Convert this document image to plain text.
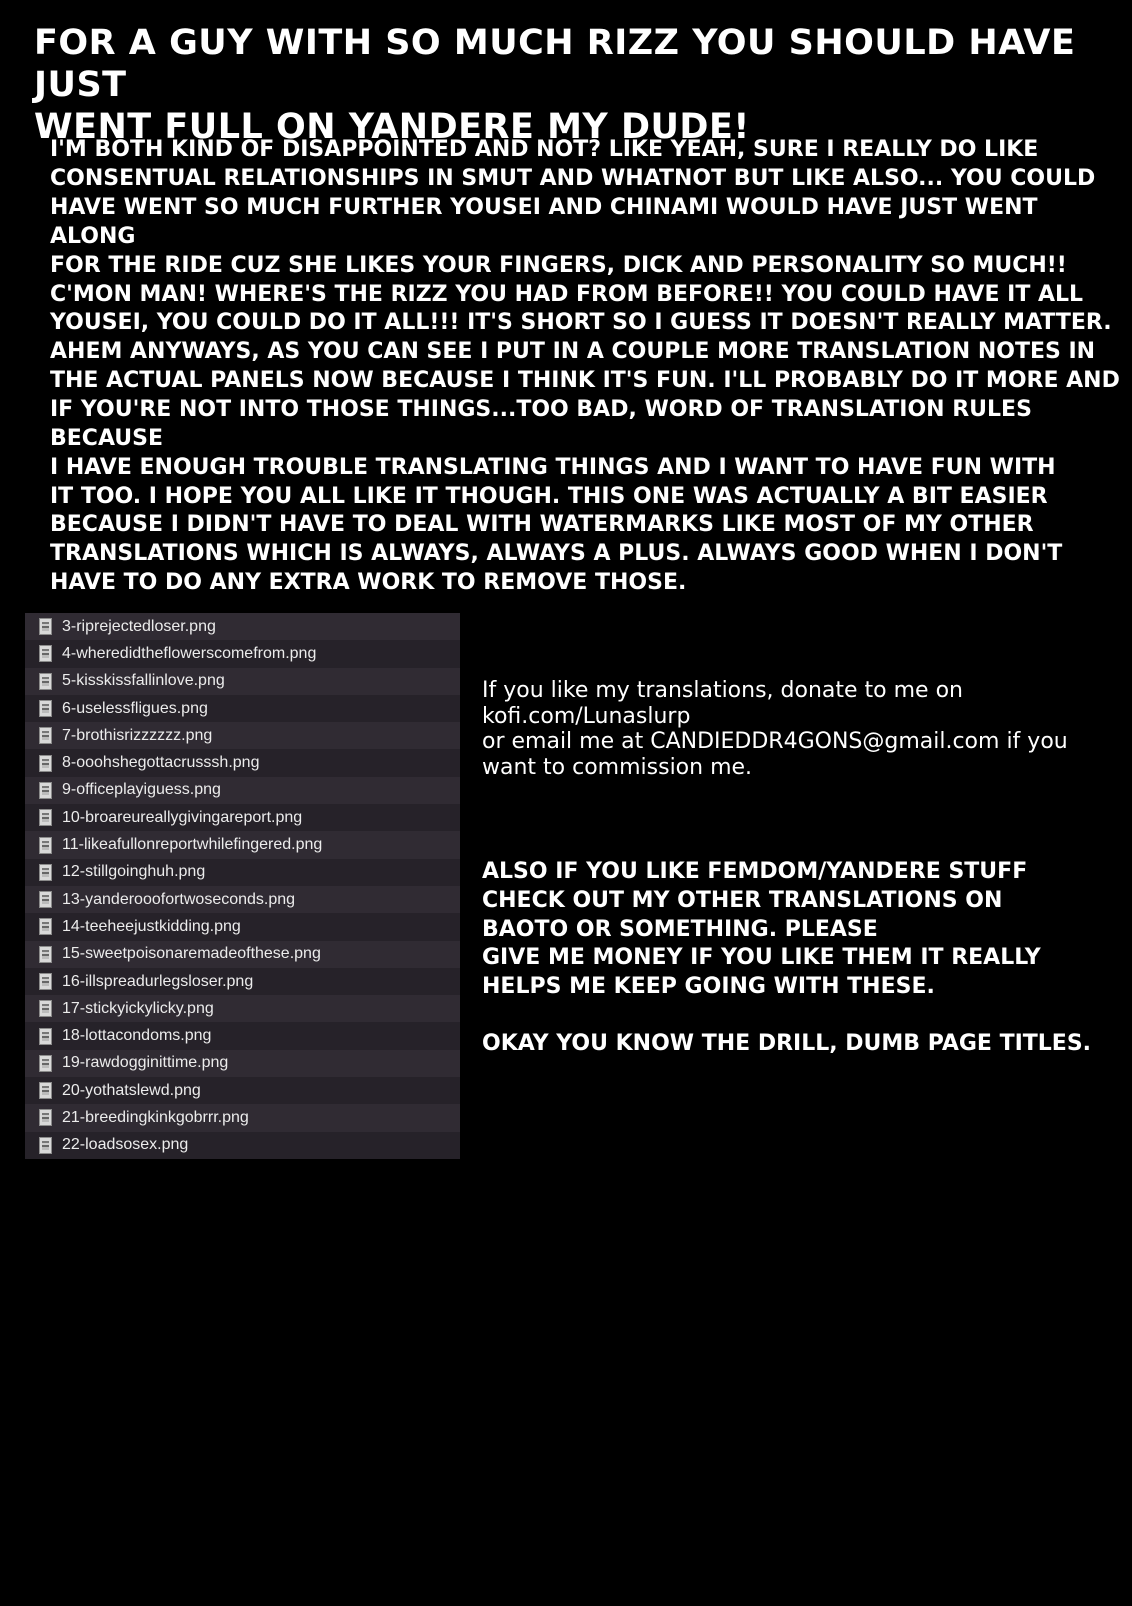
FOR A GUY WITH SO MUCH RIZZ YOU SHOULD HAVE JUST
WENT FULL ON YANDERE MY DUDE!

I'M BOTH KIND OF DISAPPOINTED AND NOT? LIKE YEAH, SURE I REALLY DO LIKE
CONSENTUAL RELATIONSHIPS IN SMUT AND WHATNOT BUT LIKE ALSO... YOU COULD
HAVE WENT SO MUCH FURTHER YOUSEI AND CHINAMI WOULD HAVE JUST WENT ALONG
FOR THE RIDE CUZ SHE LIKES YOUR FINGERS, DICK AND PERSONALITY SO MUCH!!
C'MON MAN! WHERE'S THE RIZZ YOU HAD FROM BEFORE!! YOU COULD HAVE IT ALL
YOUSEI, YOU COULD DO IT ALL!!! IT'S SHORT SO I GUESS IT DOESN'T REALLY MATTER.

AHEM ANYWAYS, AS YOU CAN SEE I PUT IN A COUPLE MORE TRANSLATION NOTES IN
THE ACTUAL PANELS NOW BECAUSE I THINK IT'S FUN. I'LL PROBABLY DO IT MORE AND
IF YOU'RE NOT INTO THOSE THINGS...TOO BAD, WORD OF TRANSLATION RULES BECAUSE
I HAVE ENOUGH TROUBLE TRANSLATING THINGS AND I WANT TO HAVE FUN WITH
IT TOO. I HOPE YOU ALL LIKE IT THOUGH. THIS ONE WAS ACTUALLY A BIT EASIER
BECAUSE I DIDN'T HAVE TO DEAL WITH WATERMARKS LIKE MOST OF MY OTHER
TRANSLATIONS WHICH IS ALWAYS, ALWAYS A PLUS. ALWAYS GOOD WHEN I DON'T
HAVE TO DO ANY EXTRA WORK TO REMOVE THOSE.

3-riprejectedloser.png
4-wheredidtheflowerscomefrom.png
5-kisskissfallinlove.png
6-uselessfligues.png
7-brothisrizzzzzz.png
8-ooohshegottacrusssh.png
9-officeplayiguess.png
10-broareureallygivingareport.png
11-likeafullonreportwhilefingered.png
12-stillgoinghuh.png
13-yanderooofortwoseconds.png
14-teeheejustkidding.png
15-sweetpoisonaremadeofthese.png
16-illspreadurlegsloser.png
17-stickyickylicky.png
18-lottacondoms.png
19-rawdogginittime.png
20-yothatslewd.png
21-breedingkinkgobrrr.png
22-loadsosex.png
If you like my translations, donate to me on
kofi.com/Lunaslurp
or email me at CANDIEDDR4GONS@gmail.com if you
want to commission me.

ALSO IF YOU LIKE FEMDOM/YANDERE STUFF
CHECK OUT MY OTHER TRANSLATIONS ON
BAOTO OR SOMETHING. PLEASE
GIVE ME MONEY IF YOU LIKE THEM IT REALLY
HELPS ME KEEP GOING WITH THESE.

OKAY YOU KNOW THE DRILL, DUMB PAGE TITLES.
